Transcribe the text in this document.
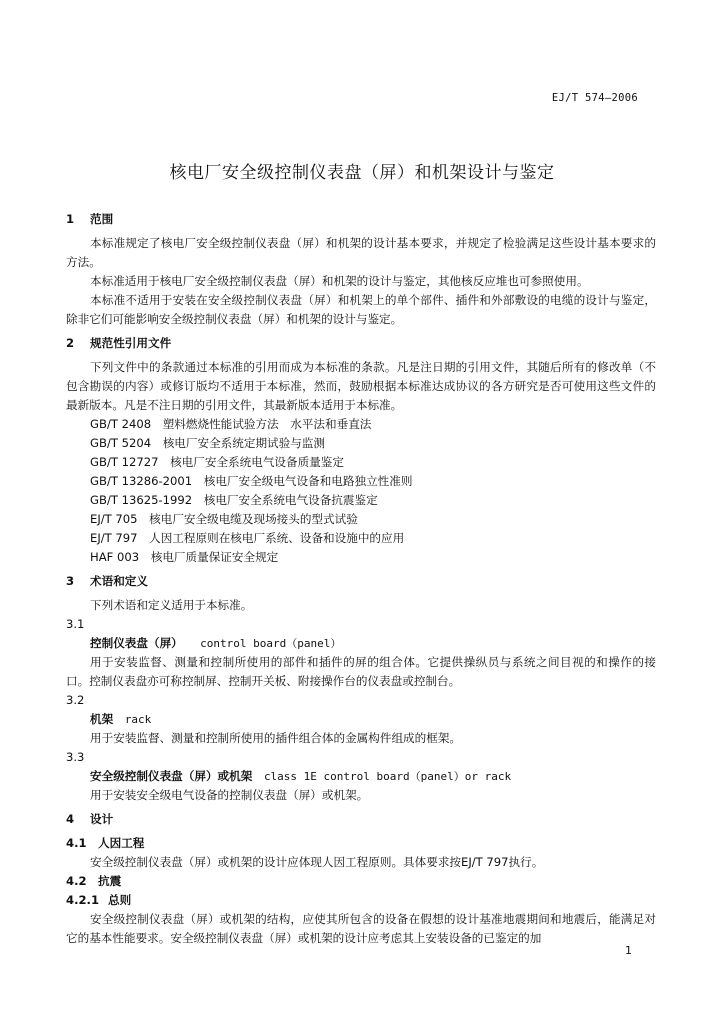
EJ/T 574—2006
核电厂安全级控制仪表盘（屏）和机架设计与鉴定

1 范围

本标准规定了核电厂安全级控制仪表盘（屏）和机架的设计基本要求，并规定了检验满足这些设计基本要求的方法。

本标准适用于核电厂安全级控制仪表盘（屏）和机架的设计与鉴定，其他核反应堆也可参照使用。

本标准不适用于安装在安全级控制仪表盘（屏）和机架上的单个部件、插件和外部敷设的电缆的设计与鉴定，除非它们可能影响安全级控制仪表盘（屏）和机架的设计与鉴定。

2 规范性引用文件

下列文件中的条款通过本标准的引用而成为本标准的条款。凡是注日期的引用文件，其随后所有的修改单（不包含勘误的内容）或修订版均不适用于本标准，然而，鼓励根据本标准达成协议的各方研究是否可使用这些文件的最新版本。凡是不注日期的引用文件，其最新版本适用于本标准。

GB/T 2408　塑料燃烧性能试验方法　水平法和垂直法

GB/T 5204　核电厂安全系统定期试验与监测

GB/T 12727　核电厂安全系统电气设备质量鉴定

GB/T 13286-2001　核电厂安全级电气设备和电路独立性准则

GB/T 13625-1992　核电厂安全系统电气设备抗震鉴定

EJ/T 705　核电厂安全级电缆及现场接头的型式试验

EJ/T 797　人因工程原则在核电厂系统、设备和设施中的应用

HAF 003　核电厂质量保证安全规定

3 术语和定义

下列术语和定义适用于本标准。

3.1

控制仪表盘（屏）　　 control board（panel）

用于安装监督、测量和控制所使用的部件和插件的屏的组合体。它提供操纵员与系统之间目视的和操作的接口。控制仪表盘亦可称控制屏、控制开关板、附接操作台的仪表盘或控制台。

3.2

机架　 rack

用于安装监督、测量和控制所使用的插件组合体的金属构件组成的框架。

3.3

安全级控制仪表盘（屏）或机架　 class 1E control board（panel）or rack

用于安装安全级电气设备的控制仪表盘（屏）或机架。

4 设计

4.1 人因工程

安全级控制仪表盘（屏）或机架的设计应体现人因工程原则。具体要求按EJ/T 797执行。

4.2 抗震

4.2.1 总则

安全级控制仪表盘（屏）或机架的结构，应使其所包含的设备在假想的设计基准地震期间和地震后，能满足对它的基本性能要求。安全级控制仪表盘（屏）或机架的设计应考虑其上安装设备的已鉴定的加

1
